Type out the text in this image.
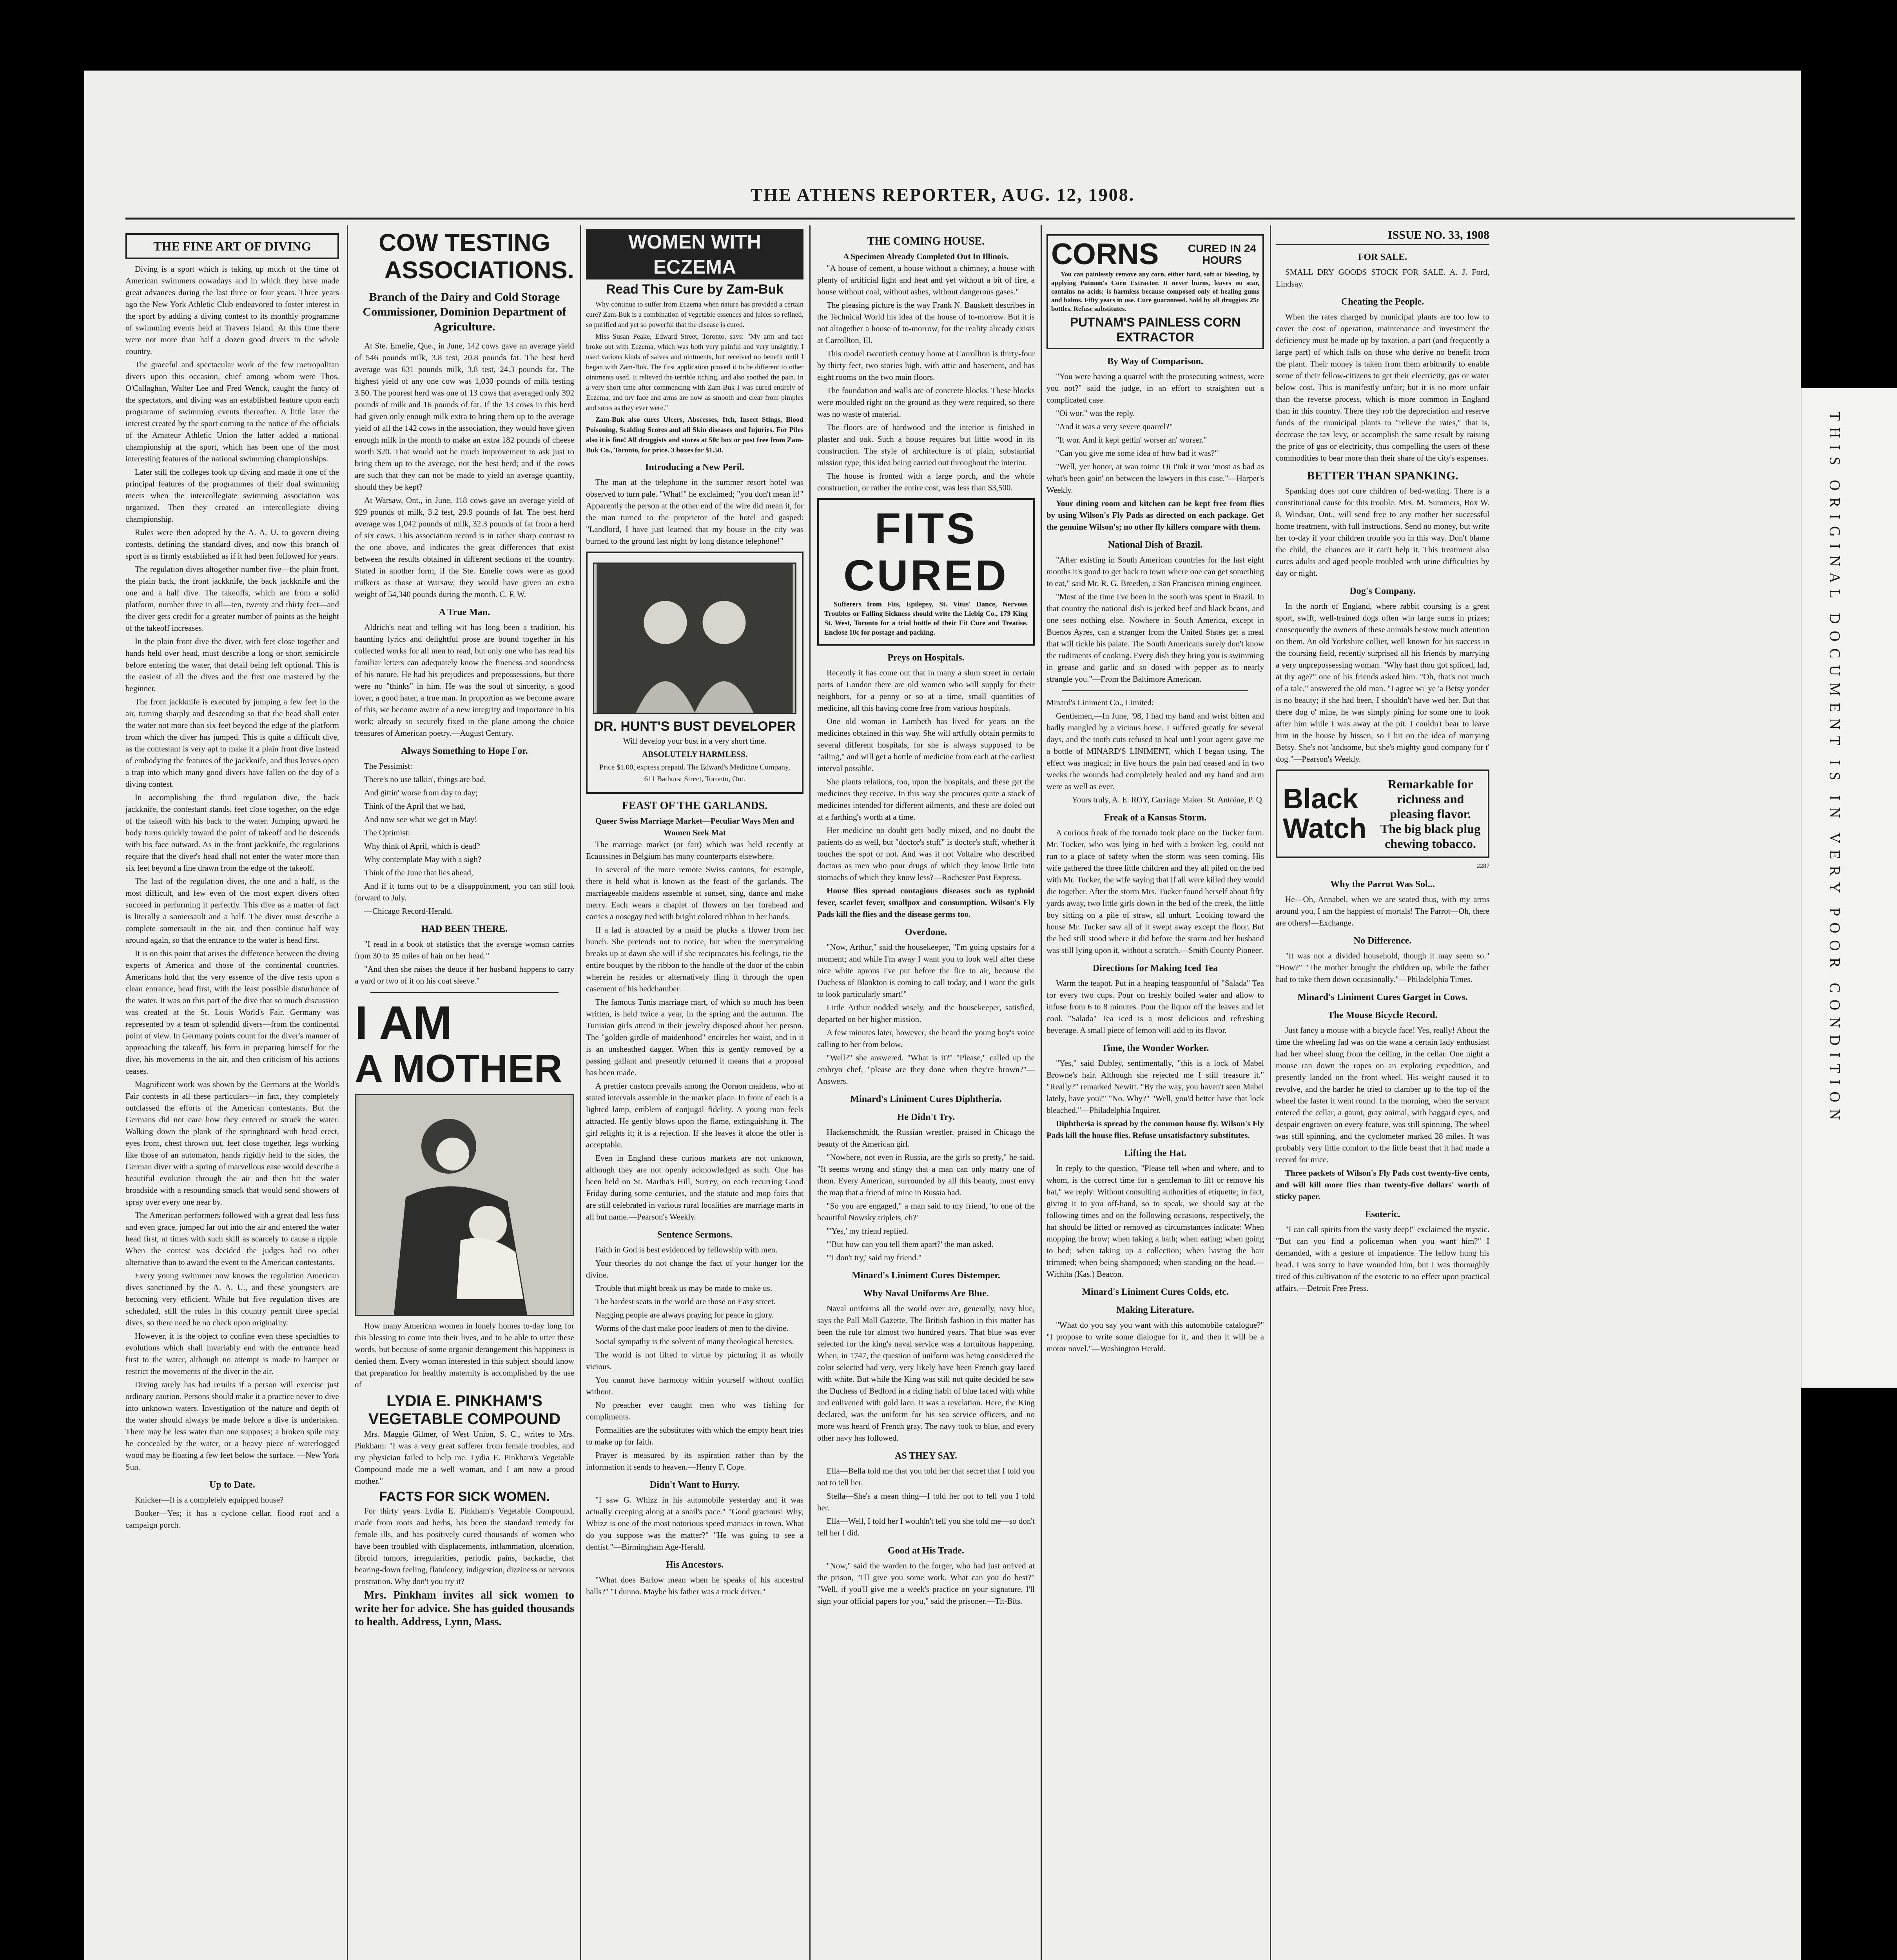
THE ATHENS REPORTER, AUG. 12, 1908.
THE FINE ART OF DIVING

Diving is a sport which is taking up much of the time of American swimmers nowadays and in which they have made great advances during the last three or four years. Three years ago the New York Athletic Club endeavored to foster interest in the sport by adding a diving contest to its monthly programme of swimming events held at Travers Island. At this time there were not more than half a dozen good divers in the whole country.

The graceful and spectacular work of the few metropolitan divers upon this occasion, chief among whom were Thos. O'Callaghan, Walter Lee and Fred Wenck, caught the fancy of the spectators, and diving was an established feature upon each programme of swimming events thereafter. A little later the interest created by the sport coming to the notice of the officials of the Amateur Athletic Union the latter added a national championship at the sport, which has been one of the most interesting features of the national swimming championships.

Later still the colleges took up diving and made it one of the principal features of the programmes of their dual swimming meets when the intercollegiate swimming association was organized. Then they created an intercollegiate diving championship.

Rules were then adopted by the A. A. U. to govern diving contests, defining the standard dives, and now this branch of sport is as firmly established as if it had been followed for years.

The regulation dives altogether number five—the plain front, the plain back, the front jackknife, the back jackknife and the one and a half dive. The takeoffs, which are from a solid platform, number three in all—ten, twenty and thirty feet—and the diver gets credit for a greater number of points as the height of the takeoff increases.

In the plain front dive the diver, with feet close together and hands held over head, must describe a long or short semicircle before entering the water, that detail being left optional. This is the easiest of all the dives and the first one mastered by the beginner.

The front jackknife is executed by jumping a few feet in the air, turning sharply and descending so that the head shall enter the water not more than six feet beyond the edge of the platform from which the diver has jumped. This is quite a difficult dive, as the contestant is very apt to make it a plain front dive instead of embodying the features of the jackknife, and thus leaves open a trap into which many good divers have fallen on the day of a diving contest.

In accomplishing the third regulation dive, the back jackknife, the contestant stands, feet close together, on the edge of the takeoff with his back to the water. Jumping upward he body turns quickly toward the point of takeoff and he descends with his face outward. As in the front jackknife, the regulations require that the diver's head shall not enter the water more than six feet beyond a line drawn from the edge of the takeoff.

The last of the regulation dives, the one and a half, is the most difficult, and few even of the most expert divers often succeed in performing it perfectly. This dive as a matter of fact is literally a somersault and a half. The diver must describe a complete somersault in the air, and then continue half way around again, so that the entrance to the water is head first.

It is on this point that arises the difference between the diving experts of America and those of the continental countries. Americans hold that the very essence of the dive rests upon a clean entrance, head first, with the least possible disturbance of the water. It was on this part of the dive that so much discussion was created at the St. Louis World's Fair. Germany was represented by a team of splendid divers—from the continental point of view. In Germany points count for the diver's manner of approaching the takeoff, his form in preparing himself for the dive, his movements in the air, and then criticism of his actions ceases.

Magnificent work was shown by the Germans at the World's Fair contests in all these particulars—in fact, they completely outclassed the efforts of the American contestants. But the Germans did not care how they entered or struck the water. Walking down the plank of the springboard with head erect, eyes front, chest thrown out, feet close together, legs working like those of an automaton, hands rigidly held to the sides, the German diver with a spring of marvellous ease would describe a beautiful evolution through the air and then hit the water broadside with a resounding smack that would send showers of spray over every one near by.

The American performers followed with a great deal less fuss and even grace, jumped far out into the air and entered the water head first, at times with such skill as scarcely to cause a ripple. When the contest was decided the judges had no other alternative than to award the event to the American contestants.

Every young swimmer now knows the regulation American dives sanctioned by the A. A. U., and these youngsters are becoming very efficient. While but five regulation dives are scheduled, still the rules in this country permit three special dives, so there need be no check upon originality.

However, it is the object to confine even these specialties to evolutions which shall invariably end with the entrance head first to the water, although no attempt is made to hamper or restrict the movements of the diver in the air.

Diving rarely has bad results if a person will exercise just ordinary caution. Persons should make it a practice never to dive into unknown waters. Investigation of the nature and depth of the water should always be made before a dive is undertaken. There may be less water than one supposes; a broken spile may be concealed by the water, or a heavy piece of waterlogged wood may be floating a few feet below the surface. —New York Sun.

Up to Date.

Knicker—It is a completely equipped house?

Booker—Yes; it has a cyclone cellar, flood roof and a campaign porch.

COW TESTING
ASSOCIATIONS.
Branch of the Dairy and Cold Storage Commissioner, Dominion Department of Agriculture.

At Ste. Emelie, Que., in June, 142 cows gave an average yield of 546 pounds milk, 3.8 test, 20.8 pounds fat. The best herd average was 631 pounds milk, 3.8 test, 24.3 pounds fat. The highest yield of any one cow was 1,030 pounds of milk testing 3.50. The poorest herd was one of 13 cows that averaged only 392 pounds of milk and 16 pounds of fat. If the 13 cows in this herd had given only enough milk extra to bring them up to the average yield of all the 142 cows in the association, they would have given enough milk in the month to make an extra 182 pounds of cheese worth $20. That would not be much improvement to ask just to bring them up to the average, not the best herd; and if the cows are such that they can not be made to yield an average quantity, should they be kept?

At Warsaw, Ont., in June, 118 cows gave an average yield of 929 pounds of milk, 3.2 test, 29.9 pounds of fat. The best herd average was 1,042 pounds of milk, 32.3 pounds of fat from a herd of six cows. This association record is in rather sharp contrast to the one above, and indicates the great differences that exist between the results obtained in different sections of the country. Stated in another form, if the Ste. Emelie cows were as good milkers as those at Warsaw, they would have given an extra weight of 54,340 pounds during the month. C. F. W.

A True Man.

Aldrich's neat and telling wit has long been a tradition, his haunting lyrics and delightful prose are bound together in his collected works for all men to read, but only one who has read his familiar letters can adequately know the fineness and soundness of his nature. He had his prejudices and prepossessions, but there were no "thinks" in him. He was the soul of sincerity, a good lover, a good hater, a true man. In proportion as we become aware of this, we become aware of a new integrity and importance in his work; already so securely fixed in the plane among the choice treasures of American poetry.—August Century.

Always Something to Hope For.

The Pessimist:

There's no use talkin', things are bad,

And gittin' worse from day to day;

Think of the April that we had,

And now see what we get in May!

The Optimist:

Why think of April, which is dead?

Why contemplate May with a sigh?

Think of the June that lies ahead,

And if it turns out to be a disappointment, you can still look forward to July.

—Chicago Record-Herald.

HAD BEEN THERE.

"I read in a book of statistics that the average woman carries from 30 to 35 miles of hair on her head."

"And then she raises the deuce if her husband happens to carry a yard or two of it on his coat sleeve."

I AM
A MOTHER

How many American women in lonely homes to-day long for this blessing to come into their lives, and to be able to utter these words, but because of some organic derangement this happiness is denied them. Every woman interested in this subject should know that preparation for healthy maternity is accomplished by the use of

LYDIA E. PINKHAM'S VEGETABLE COMPOUND

Mrs. Maggie Gilmer, of West Union, S. C., writes to Mrs. Pinkham: "I was a very great sufferer from female troubles, and my physician failed to help me. Lydia E. Pinkham's Vegetable Compound made me a well woman, and I am now a proud mother."

FACTS FOR SICK WOMEN.

For thirty years Lydia E. Pinkham's Vegetable Compound, made from roots and herbs, has been the standard remedy for female ills, and has positively cured thousands of women who have been troubled with displacements, inflammation, ulceration, fibroid tumors, irregularities, periodic pains, backache, that bearing-down feeling, flatulency, indigestion, dizziness or nervous prostration. Why don't you try it?

Mrs. Pinkham invites all sick women to write her for advice. She has guided thousands to health. Address, Lynn, Mass.

WOMEN WITH ECZEMA
Read This Cure by Zam-Buk

Why continue to suffer from Eczema when nature has provided a certain cure? Zam-Buk is a combination of vegetable essences and juices so refined, so purified and yet so powerful that the disease is cured.

Miss Susan Peake, Edward Street, Toronto, says: "My arm and face broke out with Eczema, which was both very painful and very unsightly. I used various kinds of salves and ointments, but received no benefit until I began with Zam-Buk. The first application proved it to be different to other ointments used. It relieved the terrible itching, and also soothed the pain. In a very short time after commencing with Zam-Buk I was cured entirely of Eczema, and my face and arms are now as smooth and clear from pimples and sores as they ever were."

Zam-Buk also cures Ulcers, Abscesses, Itch, Insect Stings, Blood Poisoning, Scalding Scores and all Skin diseases and Injuries. For Piles also it is fine! All druggists and stores at 50c box or post free from Zam-Buk Co., Toronto, for price. 3 boxes for $1.50.

Introducing a New Peril.

The man at the telephone in the summer resort hotel was observed to turn pale. "What!" he exclaimed; "you don't mean it!" Apparently the person at the other end of the wire did mean it, for the man turned to the proprietor of the hotel and gasped: "Landlord, I have just learned that my house in the city was burned to the ground last night by long distance telephone!"

DR. HUNT'S BUST DEVELOPER

Will develop your bust in a very short time.

ABSOLUTELY HARMLESS.

Price $1.00, express prepaid. The Edward's Medicine Company, 611 Bathurst Street, Toronto, Ont.

FEAST OF THE GARLANDS.
Queer Swiss Marriage Market—Peculiar Ways Men and Women Seek Mat

The marriage market (or fair) which was held recently at Ecaussines in Belgium has many counterparts elsewhere.

In several of the more remote Swiss cantons, for example, there is held what is known as the feast of the garlands. The marriageable maidens assemble at sunset, sing, dance and make merry. Each wears a chaplet of flowers on her forehead and carries a nosegay tied with bright colored ribbon in her hands.

If a lad is attracted by a maid he plucks a flower from her bunch. She pretends not to notice, but when the merrymaking breaks up at dawn she will if she reciprocates his feelings, tie the entire bouquet by the ribbon to the handle of the door of the cabin wherein he resides or alternatively fling it through the open casement of his bedchamber.

The famous Tunis marriage mart, of which so much has been written, is held twice a year, in the spring and the autumn. The Tunisian girls attend in their jewelry disposed about her person. The "golden girdle of maidenhood" encircles her waist, and in it is an unsheathed dagger. When this is gently removed by a passing gallant and presently returned it means that a proposal has been made.

A prettier custom prevails among the Ooraon maidens, who at stated intervals assemble in the market place. In front of each is a lighted lamp, emblem of conjugal fidelity. A young man feels attracted. He gently blows upon the flame, extinguishing it. The girl relights it; it is a rejection. If she leaves it alone the offer is acceptable.

Even in England these curious markets are not unknown, although they are not openly acknowledged as such. One has been held on St. Martha's Hill, Surrey, on each recurring Good Friday during some centuries, and the statute and mop fairs that are still celebrated in various rural localities are marriage marts in all but name.—Pearson's Weekly.

Sentence Sermons.

Faith in God is best evidenced by fellowship with men.

Your theories do not change the fact of your hunger for the divine.

Trouble that might break us may be made to make us.

The hardest seats in the world are those on Easy street.

Nagging people are always praying for peace in glory.

Worms of the dust make poor leaders of men to the divine.

Social sympathy is the solvent of many theological heresies.

The world is not lifted to virtue by picturing it as wholly vicious.

You cannot have harmony within yourself without conflict without.

No preacher ever caught men who was fishing for compliments.

Formalities are the substitutes with which the empty heart tries to make up for faith.

Prayer is measured by its aspiration rather than by the information it sends to heaven.—Henry F. Cope.

Didn't Want to Hurry.

"I saw G. Whizz in his automobile yesterday and it was actually creeping along at a snail's pace." "Good gracious! Why, Whizz is one of the most notorious speed maniacs in town. What do you suppose was the matter?" "He was going to see a dentist."—Birmingham Age-Herald.

His Ancestors.

"What does Barlow mean when he speaks of his ancestral halls?" "I dunno. Maybe his father was a truck driver."

THE COMING HOUSE.
A Specimen Already Completed Out In Illinois.

"A house of cement, a house without a chimney, a house with plenty of artificial light and heat and yet without a bit of fire, a house without coal, without ashes, without dangerous gases."

The pleasing picture is the way Frank N. Bauskett describes in the Technical World his idea of the house of to-morrow. But it is not altogether a house of to-morrow, for the reality already exists at Carrollton, Ill.

This model twentieth century home at Carrollton is thirty-four by thirty feet, two stories high, with attic and basement, and has eight rooms on the two main floors.

The foundation and walls are of concrete blocks. These blocks were moulded right on the ground as they were required, so there was no waste of material.

The floors are of hardwood and the interior is finished in plaster and oak. Such a house requires but little wood in its construction. The style of architecture is of plain, substantial mission type, this idea being carried out throughout the interior.

The house is fronted with a large porch, and the whole construction, or rather the entire cost, was less than $3,500.

FITS CURED

Sufferers from Fits, Epilepsy, St. Vitus' Dance, Nervous Troubles or Falling Sickness should write the Liebig Co., 179 King St. West, Toronto for a trial bottle of their Fit Cure and Treatise. Enclose 10c for postage and packing.

Preys on Hospitals.

Recently it has come out that in many a slum street in certain parts of London there are old women who will supply for their neighbors, for a penny or so at a time, small quantities of medicine, all this having come free from various hospitals.

One old woman in Lambeth has lived for years on the medicines obtained in this way. She will artfully obtain permits to several different hospitals, for she is always supposed to be "ailing," and will get a bottle of medicine from each at the earliest interval possible.

She plants relations, too, upon the hospitals, and these get the medicines they receive. In this way she procures quite a stock of medicines intended for different ailments, and these are doled out at a farthing's worth at a time.

Her medicine no doubt gets badly mixed, and no doubt the patients do as well, but "doctor's stuff" is doctor's stuff, whether it touches the spot or not. And was it not Voltaire who described doctors as men who pour drugs of which they know little into stomachs of which they know less?—Rochester Post Express.

House flies spread contagious diseases such as typhoid fever, scarlet fever, smallpox and consumption. Wilson's Fly Pads kill the flies and the disease germs too.

Overdone.

"Now, Arthur," said the housekeeper, "I'm going upstairs for a moment; and while I'm away I want you to look well after these nice white aprons I've put before the fire to air, because the Duchess of Blankton is coming to call today, and I want the girls to look particularly smart!"

Little Arthur nodded wisely, and the housekeeper, satisfied, departed on her higher mission.

A few minutes later, however, she heard the young boy's voice calling to her from below.

"Well?" she answered. "What is it?" "Please," called up the embryo chef, "please are they done when they're brown?"—Answers.

Minard's Liniment Cures Diphtheria.
He Didn't Try.

Hackenschmidt, the Russian wrestler, praised in Chicago the beauty of the American girl.

"Nowhere, not even in Russia, are the girls so pretty," he said. "It seems wrong and stingy that a man can only marry one of them. Every American, surrounded by all this beauty, must envy the map that a friend of mine in Russia had.

"So you are engaged," a man said to my friend, 'to one of the beautiful Nowsky triplets, eh?'

"'Yes,' my friend replied.

"'But how can you tell them apart?' the man asked.

"'I don't try,' said my friend."

Minard's Liniment Cures Distemper.
Why Naval Uniforms Are Blue.

Naval uniforms all the world over are, generally, navy blue, says the Pall Mall Gazette. The British fashion in this matter has been the rule for almost two hundred years. That blue was ever selected for the king's naval service was a fortuitous happening. When, in 1747, the question of uniform was being considered the color selected had very, very likely have been French gray laced with white. But while the King was still not quite decided he saw the Duchess of Bedford in a riding habit of blue faced with white and enlivened with gold lace. It was a revelation. Here, the King declared, was the uniform for his sea service officers, and no more was heard of French gray. The navy took to blue, and every other navy has followed.

AS THEY SAY.

Ella—Bella told me that you told her that secret that I told you not to tell her.

Stella—She's a mean thing—I told her not to tell you I told her.

Ella—Well, I told her I wouldn't tell you she told me—so don't tell her I did.

Good at His Trade.

"Now," said the warden to the forger, who had just arrived at the prison, "I'll give you some work. What can you do best?" "Well, if you'll give me a week's practice on your signature, I'll sign your official papers for you," said the prisoner.—Tit-Bits.

CORNS	CURED IN 24 HOURS

You can painlessly remove any corn, either hard, soft or bleeding, by applying Putnam's Corn Extractor. It never burns, leaves no scar, contains no acids; is harmless because composed only of healing gums and balms. Fifty years in use. Cure guaranteed. Sold by all druggists 25c bottles. Refuse substitutes.

PUTNAM'S PAINLESS CORN EXTRACTOR
By Way of Comparison.

"You were having a quarrel with the prosecuting witness, were you not?" said the judge, in an effort to straighten out a complicated case.

"Oi wor," was the reply.

"And it was a very severe quarrel?"

"It wor. And it kept gettin' worser an' worser."

"Can you give me some idea of how bad it was?"

"Well, yer honor, at wan toime Oi t'ink it wor 'most as bad as what's been goin' on between the lawyers in this case."—Harper's Weekly.

Your dining room and kitchen can be kept free from flies by using Wilson's Fly Pads as directed on each package. Get the genuine Wilson's; no other fly killers compare with them.

National Dish of Brazil.

"After existing in South American countries for the last eight months it's good to get back to town where one can get something to eat," said Mr. R. G. Breeden, a San Francisco mining engineer.

"Most of the time I've been in the south was spent in Brazil. In that country the national dish is jerked beef and black beans, and one sees nothing else. Nowhere in South America, except in Buenos Ayres, can a stranger from the United States get a meal that will tickle his palate. The South Americans surely don't know the rudiments of cooking. Every dish they bring you is swimming in grease and garlic and so dosed with pepper as to nearly strangle you."—From the Baltimore American.

Minard's Liniment Co., Limited:

Gentlemen,—In June, '98, I had my hand and wrist bitten and badly mangled by a vicious horse. I suffered greatly for several days, and the tooth cuts refused to heal until your agent gave me a bottle of MINARD'S LINIMENT, which I began using. The effect was magical; in five hours the pain had ceased and in two weeks the wounds had completely healed and my hand and arm were as well as ever.

Yours truly, A. E. ROY, Carriage Maker. St. Antoine, P. Q.

Freak of a Kansas Storm.

A curious freak of the tornado took place on the Tucker farm. Mr. Tucker, who was lying in bed with a broken leg, could not run to a place of safety when the storm was seen coming. His wife gathered the three little children and they all piled on the bed with Mr. Tucker, the wife saying that if all were killed they would die together. After the storm Mrs. Tucker found herself about fifty yards away, two little girls down in the bed of the creek, the little boy sitting on a pile of straw, all unhurt. Looking toward the house Mr. Tucker saw all of it swept away except the floor. But the bed still stood where it did before the storm and her husband was still lying upon it, without a scratch.—Smith County Pioneer.

Directions for Making Iced Tea

Warm the teapot. Put in a heaping teaspoonful of "Salada" Tea for every two cups. Pour on freshly boiled water and allow to infuse from 6 to 8 minutes. Pour the liquor off the leaves and let cool. "Salada" Tea iced is a most delicious and refreshing beverage. A small piece of lemon will add to its flavor.

Time, the Wonder Worker.

"Yes," said Dubley, sentimentally, "this is a lock of Mabel Browne's hair. Although she rejected me I still treasure it." "Really?" remarked Newitt. "By the way, you haven't seen Mabel lately, have you?" "No. Why?" "Well, you'd better have that lock bleached."—Philadelphia Inquirer.

Diphtheria is spread by the common house fly. Wilson's Fly Pads kill the house flies. Refuse unsatisfactory substitutes.

Lifting the Hat.

In reply to the question, "Please tell when and where, and to whom, is the correct time for a gentleman to lift or remove his hat," we reply: Without consulting authorities of etiquette; in fact, giving it to you off-hand, so to speak, we should say at the following times and on the following occasions, respectively, the hat should be lifted or removed as circumstances indicate: When mopping the brow; when taking a bath; when eating; when going to bed; when taking up a collection; when having the hair trimmed; when being shampooed; when standing on the head.—Wichita (Kas.) Beacon.

Minard's Liniment Cures Colds, etc.
Making Literature.

"What do you say you want with this automobile catalogue?" "I propose to write some dialogue for it, and then it will be a motor novel."—Washington Herald.

ISSUE NO. 33, 1908
FOR SALE.

SMALL DRY GOODS STOCK FOR SALE. A. J. Ford, Lindsay.

Cheating the People.

When the rates charged by municipal plants are too low to cover the cost of operation, maintenance and investment the deficiency must be made up by taxation, a part (and frequently a large part) of which falls on those who derive no benefit from the plant. Their money is taken from them arbitrarily to enable some of their fellow-citizens to get their electricity, gas or water below cost. This is manifestly unfair; but it is no more unfair than the reverse process, which is more common in England than in this country. There they rob the depreciation and reserve funds of the municipal plants to "relieve the rates," that is, decrease the tax levy, or accomplish the same result by raising the price of gas or electricity, thus compelling the users of these commodities to bear more than their share of the city's expenses.

BETTER THAN SPANKING.

Spanking does not cure children of bed-wetting. There is a constitutional cause for this trouble. Mrs. M. Summers, Box W. 8, Windsor, Ont., will send free to any mother her successful home treatment, with full instructions. Send no money, but write her to-day if your children trouble you in this way. Don't blame the child, the chances are it can't help it. This treatment also cures adults and aged people troubled with urine difficulties by day or night.

Dog's Company.

In the north of England, where rabbit coursing is a great sport, swift, well-trained dogs often win large sums in prizes; consequently the owners of these animals bestow much attention on them. An old Yorkshire collier, well known for his success in the coursing field, recently surprised all his friends by marrying a very unprepossessing woman. "Why hast thou got spliced, lad, at thy age?" one of his friends asked him. "Oh, that's not much of a tale," answered the old man. "I agree wi' ye 'a Betsy yonder is no beauty; if she had been, I shouldn't have wed her. But that there dog o' mine, he was simply pining for some one to look after him while I was away at the pit. I couldn't bear to leave him in the house by hissen, so I hit on the idea of marrying Betsy. She's not 'andsome, but she's mighty good company for t' dog."—Pearson's Weekly.

Black
Watch
Remarkable for richness and pleasing flavor. The big black plug chewing tobacco.
2287
Why the Parrot Was Sol...

He—Oh, Annabel, when we are seated thus, with my arms around you, I am the happiest of mortals! The Parrot—Oh, there are others!—Exchange.

No Difference.

"It was not a divided household, though it may seem so." "How?" "The mother brought the children up, while the father had to take them down occasionally."—Philadelphia Times.

Minard's Liniment Cures Garget in Cows.
The Mouse Bicycle Record.

Just fancy a mouse with a bicycle face! Yes, really! About the time the wheeling fad was on the wane a certain lady enthusiast had her wheel slung from the ceiling, in the cellar. One night a mouse ran down the ropes on an exploring expedition, and presently landed on the front wheel. His weight caused it to revolve, and the harder he tried to clamber up to the top of the wheel the faster it went round. In the morning, when the servant entered the cellar, a gaunt, gray animal, with haggard eyes, and despair engraven on every feature, was still spinning. The wheel was still spinning, and the cyclometer marked 28 miles. It was probably very little comfort to the little beast that it had made a record for mice.

Three packets of Wilson's Fly Pads cost twenty-five cents, and will kill more flies than twenty-five dollars' worth of sticky paper.

Esoteric.

"I can call spirits from the vasty deep!" exclaimed the mystic. "But can you find a policeman when you want him?" I demanded, with a gesture of impatience. The fellow hung his head. I was sorry to have wounded him, but I was thoroughly tired of this cultivation of the esoteric to no effect upon practical affairs.—Detroit Free Press.

T H I S
O R I G I N A L
D O C U M E N T
I S
I N
V E R Y
P O O R
C O N D I T I O N
